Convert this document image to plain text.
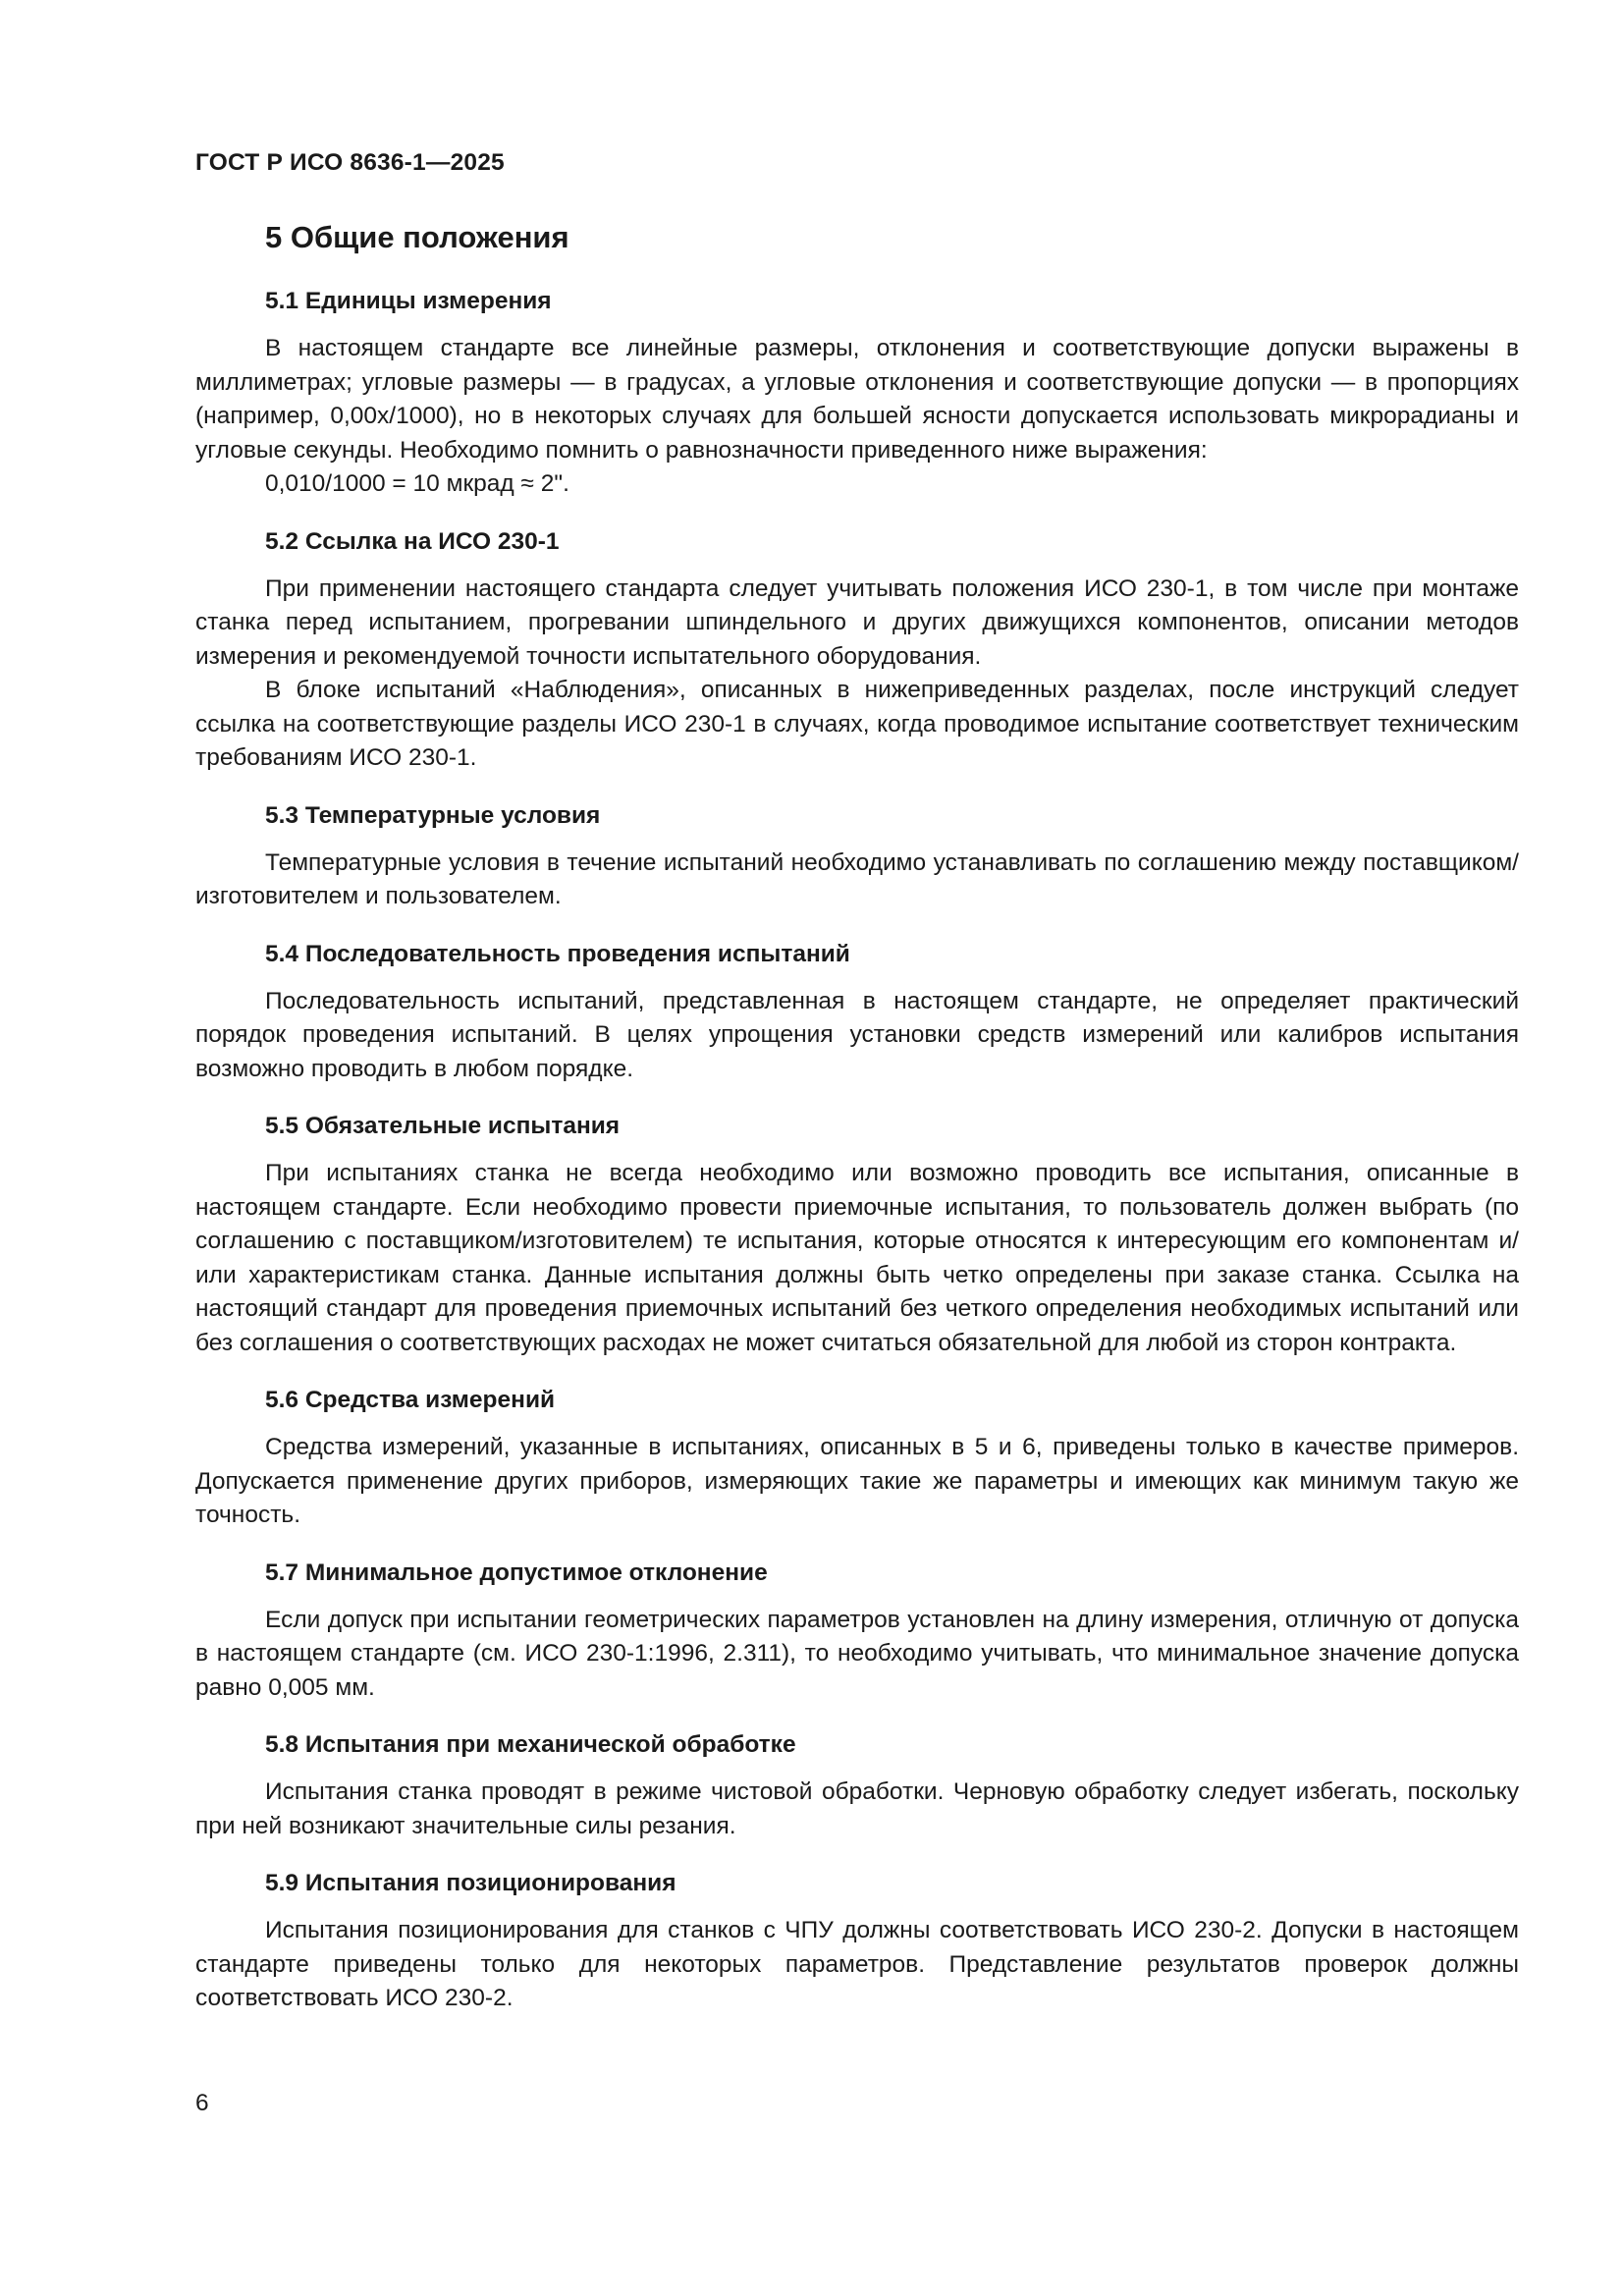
ГОСТ Р ИСО 8636-1—2025
5 Общие положения
5.1 Единицы измерения

В настоящем стандарте все линейные размеры, отклонения и соответствующие допуски выражены в миллиметрах; угловые размеры — в градусах, а угловые отклонения и соответствующие допуски — в пропорциях (например, 0,00x/1000), но в некоторых случаях для большей ясности допускается использовать микрорадианы и угловые секунды. Необходимо помнить о равнозначности приведенного ниже выражения:

0,010/1000 = 10 мкрад ≈ 2".

5.2 Ссылка на ИСО 230-1

При применении настоящего стандарта следует учитывать положения ИСО 230-1, в том числе при монтаже станка перед испытанием, прогревании шпиндельного и других движущихся компонентов, описании методов измерения и рекомендуемой точности испытательного оборудования.

В блоке испытаний «Наблюдения», описанных в нижеприведенных разделах, после инструкций следует ссылка на соответствующие разделы ИСО 230-1 в случаях, когда проводимое испытание соответствует техническим требованиям ИСО 230-1.

5.3 Температурные условия

Температурные условия в течение испытаний необходимо устанавливать по соглашению между поставщиком/изготовителем и пользователем.

5.4 Последовательность проведения испытаний

Последовательность испытаний, представленная в настоящем стандарте, не определяет практический порядок проведения испытаний. В целях упрощения установки средств измерений или калибров испытания возможно проводить в любом порядке.

5.5 Обязательные испытания

При испытаниях станка не всегда необходимо или возможно проводить все испытания, описанные в настоящем стандарте. Если необходимо провести приемочные испытания, то пользователь должен выбрать (по соглашению с поставщиком/изготовителем) те испытания, которые относятся к интересующим его компонентам и/или характеристикам станка. Данные испытания должны быть четко определены при заказе станка. Ссылка на настоящий стандарт для проведения приемочных испытаний без четкого определения необходимых испытаний или без соглашения о соответствующих расходах не может считаться обязательной для любой из сторон контракта.

5.6 Средства измерений

Средства измерений, указанные в испытаниях, описанных в 5 и 6, приведены только в качестве примеров. Допускается применение других приборов, измеряющих такие же параметры и имеющих как минимум такую же точность.

5.7 Минимальное допустимое отклонение

Если допуск при испытании геометрических параметров установлен на длину измерения, отличную от допуска в настоящем стандарте (см. ИСО 230-1:1996, 2.311), то необходимо учитывать, что минимальное значение допуска равно 0,005 мм.

5.8 Испытания при механической обработке

Испытания станка проводят в режиме чистовой обработки. Черновую обработку следует избегать, поскольку при ней возникают значительные силы резания.

5.9 Испытания позиционирования

Испытания позиционирования для станков с ЧПУ должны соответствовать ИСО 230-2. Допуски в настоящем стандарте приведены только для некоторых параметров. Представление результатов проверок должны соответствовать ИСО 230-2.

6
